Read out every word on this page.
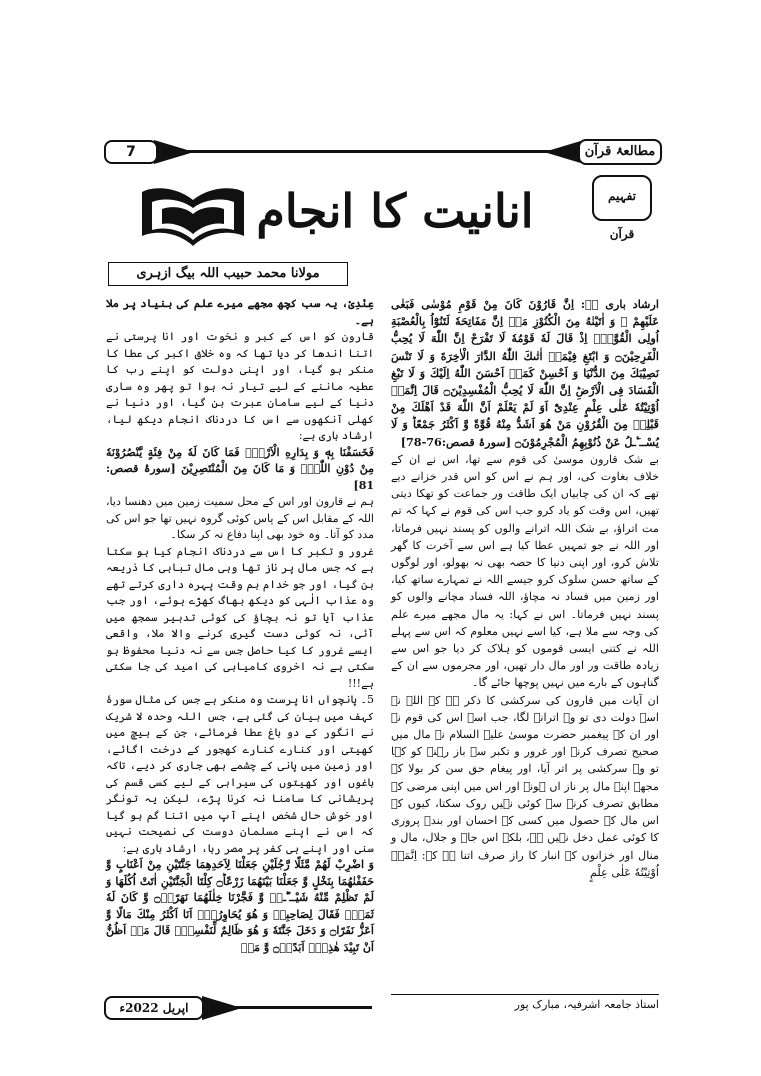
7	مطالعۂ قرآن
تفہیم قرآن
انانیت کا انجام
مولانا محمد حبیب اللہ بیگ ازہری

ارشاد باری ہے: اِنَّ قَارُوْنَ كَانَ مِنْ قَوْمِ مُوْسٰى فَبَغٰى عَلَیْهِمْ ۪ وَ اٰتَیْنٰهُ مِنَ الْكُنُوْزِ مَاۤ اِنَّ مَفَاتِحَهٗ لَتَنُوْٓاُ بِالْعُصْبَةِ اُولِی الْقُوَّةِۗ اِذْ قَالَ لَهٗ قَوْمُهٗ لَا تَفْرَحْ اِنَّ اللّٰهَ لَا یُحِبُّ الْفَرِحِیْنَ۝ وَ ابْتَغِ فِیْمَاۤ اٰتٰىكَ اللّٰهُ الدَّارَ الْاٰخِرَةَ وَ لَا تَنْسَ نَصِیْبَكَ مِنَ الدُّنْیَا وَ اَحْسِنْ كَمَاۤ اَحْسَنَ اللّٰهُ اِلَیْكَ وَ لَا تَبْغِ الْفَسَادَ فِی الْاَرْضِؕ اِنَّ اللّٰهَ لَا یُحِبُّ الْمُفْسِدِیْنَ۝ قَالَ اِنَّمَاۤ اُوْتِیْتُهٗ عَلٰى عِلْمٍ عِنْدِیْؕ اَوَ لَمْ یَعْلَمْ اَنَّ اللّٰهَ قَدْ اَهْلَكَ مِنْ قَبْلِهٖ مِنَ الْقُرُوْنِ مَنْ هُوَ اَشَدُّ مِنْهُ قُوَّةً وَّ اَكْثَرُ جَمْعًاؕ وَ لَا یُسْــٴَـلُ عَنْ ذُنُوْبِهِمُ الْمُجْرِمُوْنَ۝ [سورۂ قصص:76-78]

بے شک قارون موسیٰ کی قوم سے تھا، اس نے ان کے خلاف بغاوت کی، اور ہم نے اس کو اس قدر خزانے دیے تھے کہ ان کی چابیاں ایک طاقت ور جماعت کو تھکا دیتی تھیں، اس وقت کو یاد کرو جب اس کی قوم نے کہا کہ تم مت اتراؤ، بے شک اللہ اترانے والوں کو پسند نہیں فرماتا، اور اللہ نے جو تمہیں عطا کیا ہے اس سے آخرت کا گھر تلاش کرو، اور اپنی دنیا کا حصہ بھی نہ بھولو، اور لوگوں کے ساتھ حسن سلوک کرو جیسے اللہ نے تمہارے ساتھ کیا، اور زمین میں فساد نہ مچاؤ، اللہ فساد مچانے والوں کو پسند نہیں فرماتا۔ اس نے کہا: یہ مال مجھے میرے علم کی وجہ سے ملا ہے، کیا اسے نہیں معلوم کہ اس سے پہلے اللہ نے کتنی ایسی قوموں کو ہلاک کر دیا جو اس سے زیادہ طاقت ور اور مال دار تھیں، اور مجرموں سے ان کے گناہوں کے بارے میں نہیں پوچھا جائے گا۔

ان آیات میں قارون کی سرکشی کا ذکر ہے کہ اللہ نے اسے دولت دی تو وہ اترانے لگا، جب اسے اس کی قوم نے اور ان کے پیغمبر حضرت موسیٰ علیہ السلام نے مال میں صحیح تصرف کرنے اور غرور و تکبر سے باز رہنے کو کہا تو وہ سرکشی پر اتر آیا، اور پیغام حق سن کر بولا کہ مجھے اپنے مال پر ناز اں ہونے اور اس میں اپنی مرضی کے مطابق تصرف کرنے سے کوئی نہیں روک سکتا، کیوں کہ اس مال کے حصول میں کسی کے احسان اور بندہ پروری کا کوئی عمل دخل نہیں ہے، بلکہ اس جاہ و جلال، مال و منال اور خزانوں کے انبار کا راز صرف اتنا ہے کہ: اِنَّمَاۤ اُوْتِیْتُهٗ عَلٰى عِلْمٍ

عِنْدِیْ، یہ سب کچھ مجھے میرے علم کی بنیاد پر ملا ہے۔

قارون کو اس کے کبر و نخوت اور انا پرستی نے اتنا اندھا کر دیا تھا کہ وہ خلاق اکبر کی عطا کا منکر ہو گیا، اور اپنی دولت کو اپنے رب کا عطیہ ماننے کے لیے تیار نہ ہوا تو پھر وہ ساری دنیا کے لیے سامان عبرت بن گیا، اور دنیا نے کھلی آنکھوں سے اس کا دردناک انجام دیکھ لیا، ارشاد باری ہے:

فَخَسَفْنَا بِهٖ وَ بِدَارِهِ الْاَرْضَ۫ فَمَا كَانَ لَهٗ مِنْ فِئَةٍ یَّنْصُرُوْنَهٗ مِنْ دُوْنِ اللّٰهِۗ وَ مَا كَانَ مِنَ الْمُنْتَصِرِیْنَ [سورۂ قصص: 81]

ہم نے قارون اور اس کے محل سمیت زمین میں دھنسا دیا، اللہ کے مقابل اس کے پاس کوئی گروہ نہیں تھا جو اس کی مدد کو آتا۔ وہ خود بھی اپنا دفاع نہ کر سکا۔

غرور و تکبر کا اس سے دردناک انجام کیا ہو سکتا ہے کہ جس مال پر ناز تھا وہی مال تباہی کا ذریعہ بن گیا، اور جو خدام ہم وقت پہرہ داری کرتے تھے وہ عذاب الٰہی کو دیکھ بھاگ کھڑے ہوئے، اور جب عذاب آیا تو نہ بچاؤ کی کوئی تدبیر سمجھ میں آئی، نہ کوئی دست گیری کرنے والا ملا، واقعی ایسے غرور کا کیا حاصل جس سے نہ دنیا محفوظ ہو سکتی ہے نہ اخروی کامیابی کی امید کی جا سکتی ہے!!!

5۔ پانچواں انا پرست وہ منکر ہے جس کی مثال سورۂ کہف میں بیان کی گئی ہے، جس اللہ وحدہ لا شریک نے انگور کے دو باغ عطا فرمائے، جن کے بیچ میں کھیتی اور کنارے کنارے کھجور کے درخت اگائے، اور زمین میں پانی کے چشمے بھی جاری کر دیے، تاکہ باغوں اور کھیتوں کی سیرابی کے لیے کسی قسم کی پریشانی کا سامنا نہ کرنا پڑے، لیکن یہ تونگر اور خوش حال شخص اپنے آپ میں اتنا گم ہو گیا کہ اس نے اپنے مسلمان دوست کی نصیحت نہیں سنی اور اپنے ہی کفر پر مصر رہا، ارشاد باری ہے:

وَ اضْرِبْ لَهُمْ مَّثَلًا رَّجُلَیْنِ جَعَلْنَا لِاَحَدِهِمَا جَنَّتَیْنِ مِنْ اَعْنَابٍ وَّ حَفَفْنٰهُمَا بِنَخْلٍ وَّ جَعَلْنَا بَیْنَهُمَا زَرْعًاؕ۝ كِلْتَا الْجَنَّتَیْنِ اٰتَتْ اُكُلَهَا وَ لَمْ تَظْلِمْ مِّنْهُ شَیْــٴًـاۙ وَّ فَجَّرْنَا خِلٰلَهُمَا نَهَرًاۙ۝ وَّ كَانَ لَهٗ ثَمَرٌۚ فَقَالَ لِصَاحِبِهٖ وَ هُوَ یُحَاوِرُهٗۤ اَنَا اَكْثَرُ مِنْكَ مَالًا وَّ اَعَزُّ نَفَرًا۝ وَ دَخَلَ جَنَّتَهٗ وَ هُوَ ظَالِمٌ لِّنَفْسِهٖۚ قَالَ مَاۤ اَظُنُّ اَنْ تَبِیْدَ هٰذِهٖۤ اَبَدًاۙ۝ وَّ مَاۤ

استاذ جامعہ اشرفیہ، مبارک پور
اپریل 2022ء
